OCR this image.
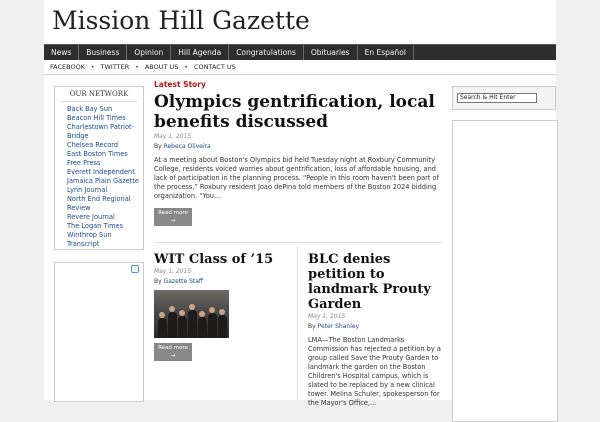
Mission Hill Gazette
News	Business	Opinion	Hill Agenda	Congratulations	Obituaries	En Español
FACEBOOK	• TWITTER	• ABOUT US	• CONTACT US
OUR NETWORK
Back Bay Sun
Beacon Hill Times
Charlestown Patriot-Bridge
Chelsea Record
East Boston Times Free Press
Everett Independent
Jamaica Plain Gazette
Lynn Journal
North End Regional Review
Revere Journal
The Logan Times
Winthrop Sun Transcript
i
Latest Story
Olympics gentrification, local benefits discussed
May 1, 2015
By Rebeca Oliveira

At a meeting about Boston's Olympics bid held Tuesday night at Roxbury Community College, residents voiced worries about gentrification, loss of affordable housing, and lack of participation in the planning process. “People in this room haven't been part of the process,” Roxbury resident Joao dePina told members of the Boston 2024 bidding organization. “You...

Read more
→
WIT Class of ’15
May 1, 2015
By Gazette Staff
Read more
→
BLC denies petition to landmark Prouty Garden
May 1, 2015
By Peter Shanley

LMA—The Boston Landmarks Commission has rejected a petition by a group called Save the Prouty Garden to landmark the garden on the Boston Children's Hospital campus, which is slated to be replaced by a new clinical tower. Melina Schuler, spokesperson for the Mayor's Office,...

Search & Hit Enter
